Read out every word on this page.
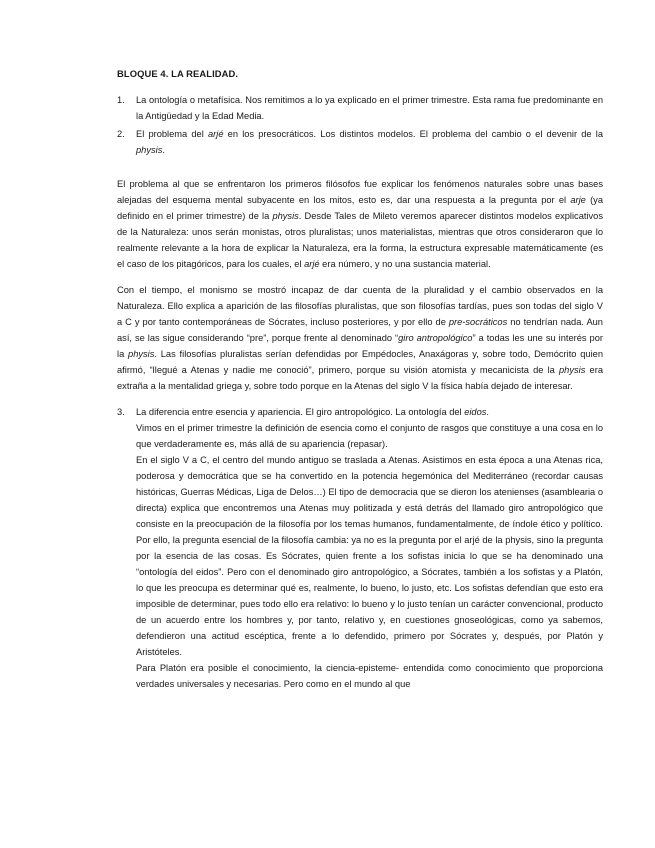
BLOQUE 4. LA REALIDAD.
1. La ontología o metafísica. Nos remitimos a lo ya explicado en el primer trimestre. Esta rama fue predominante en la Antigüedad y la Edad Media.
2. El problema del arjé en los presocráticos. Los distintos modelos. El problema del cambio o el devenir de la physis.

El problema al que se enfrentaron los primeros filósofos fue explicar los fenómenos naturales sobre unas bases alejadas del esquema mental subyacente en los mitos, esto es, dar una respuesta a la pregunta por el arje (ya definido en el primer trimestre) de la physis. Desde Tales de Mileto veremos aparecer distintos modelos explicativos de la Naturaleza: unos serán monistas, otros pluralistas; unos materialistas, mientras que otros consideraron que lo realmente relevante a la hora de explicar la Naturaleza, era la forma, la estructura expresable matemáticamente (es el caso de los pitagóricos, para los cuales, el arjé era número, y no una sustancia material.

Con el tiempo, el monismo se mostró incapaz de dar cuenta de la pluralidad y el cambio observados en la Naturaleza. Ello explica a aparición de las filosofías pluralistas, que son filosofías tardías, pues son todas del siglo V a C y por tanto contemporáneas de Sócrates, incluso posteriores, y por ello de pre-socráticos no tendrían nada. Aun así, se las sigue considerando “pre”, porque frente al denominado “giro antropológico” a todas les une su interés por la physis. Las filosofías pluralistas serían defendidas por Empédocles, Anaxágoras y, sobre todo, Demócrito quien afirmó, “llegué a Atenas y nadie me conoció”, primero, porque su visión atomista y mecanicista de la physis era extraña a la mentalidad griega y, sobre todo porque en la Atenas del siglo V la física había dejado de interesar.

3. La diferencia entre esencia y apariencia. El giro antropológico. La ontología del eidos.

Vimos en el primer trimestre la definición de esencia como el conjunto de rasgos que constituye a una cosa en lo que verdaderamente es, más allá de su apariencia (repasar).

En el siglo V a C, el centro del mundo antiguo se traslada a Atenas. Asistimos en esta época a una Atenas rica, poderosa y democrática que se ha convertido en la potencia hegemónica del Mediterráneo (recordar causas históricas, Guerras Médicas, Liga de Delos…) El tipo de democracia que se dieron los atenienses (asamblearia o directa) explica que encontremos una Atenas muy politizada y está detrás del llamado giro antropológico que consiste en la preocupación de la filosofía por los temas humanos, fundamentalmente, de índole ético y político. Por ello, la pregunta esencial de la filosofía cambia: ya no es la pregunta por el arjé de la physis, sino la pregunta por la esencia de las cosas. Es Sócrates, quien frente a los sofistas inicia lo que se ha denominado una “ontología del eidos”. Pero con el denominado giro antropológico, a Sócrates, también a los sofistas y a Platón, lo que les preocupa es determinar qué es, realmente, lo bueno, lo justo, etc. Los sofistas defendían que esto era imposible de determinar, pues todo ello era relativo: lo bueno y lo justo tenían un carácter convencional, producto de un acuerdo entre los hombres y, por tanto, relativo y, en cuestiones gnoseológicas, como ya sabemos, defendieron una actitud escéptica, frente a lo defendido, primero por Sócrates y, después, por Platón y Aristóteles.

Para Platón era posible el conocimiento, la ciencia-episteme- entendida como conocimiento que proporciona verdades universales y necesarias. Pero como en el mundo al que
